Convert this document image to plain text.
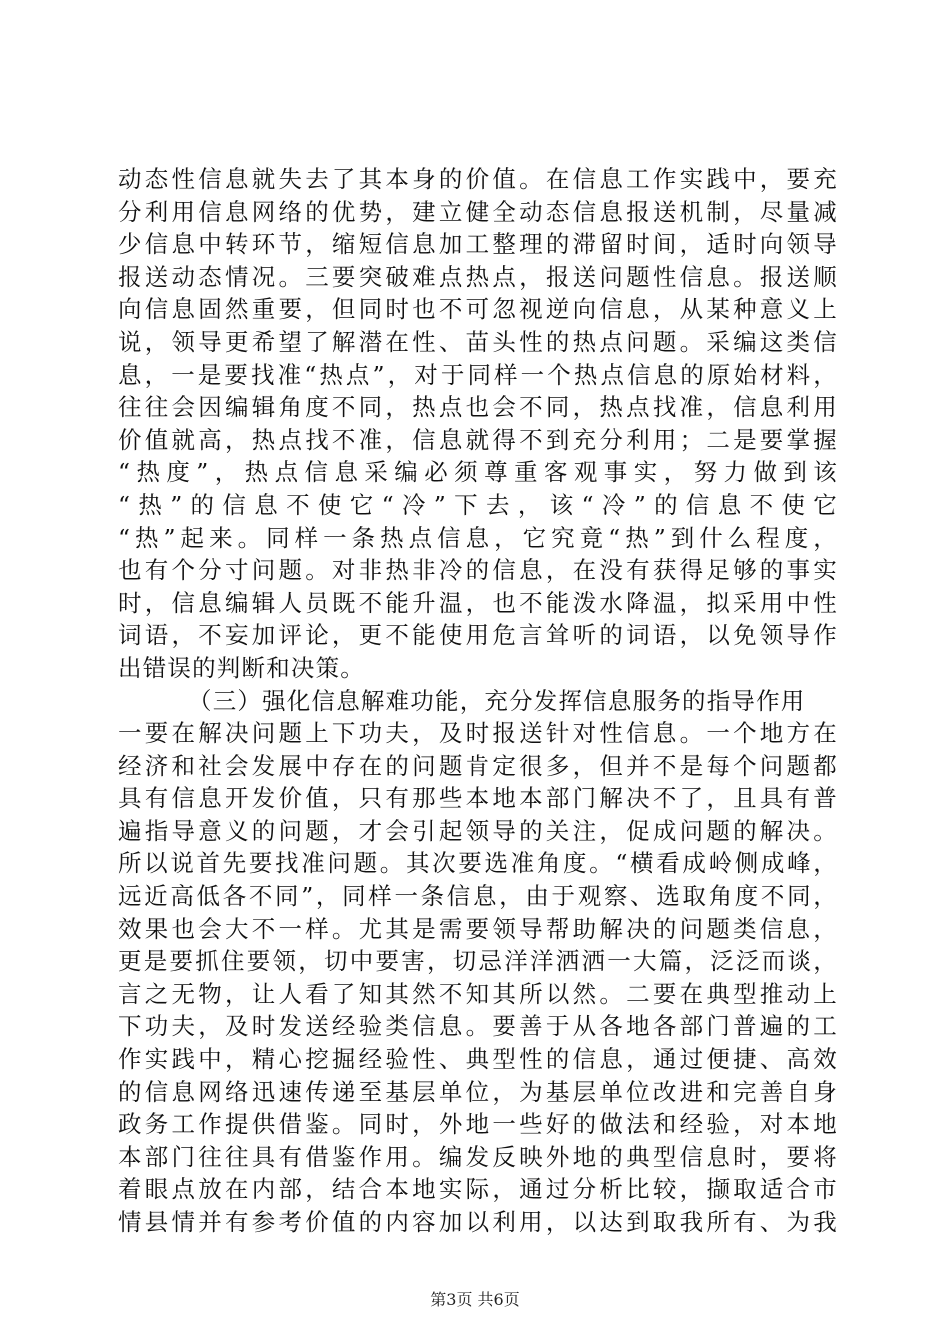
动态性信息就失去了其本身的价值。在信息工作实践中，要充
分利用信息网络的优势，建立健全动态信息报送机制，尽量减
少信息中转环节，缩短信息加工整理的滞留时间，适时向领导
报送动态情况。三要突破难点热点，报送问题性信息。报送顺
向信息固然重要，但同时也不可忽视逆向信息，从某种意义上
说，领导更希望了解潜在性、苗头性的热点问题。采编这类信
息，一是要找准“热点”，对于同样一个热点信息的原始材料，
往往会因编辑角度不同，热点也会不同，热点找准，信息利用
价值就高，热点找不准，信息就得不到充分利用；二是要掌握
“热度”，热点信息采编必须尊重客观事实，努力做到该
“热”的信息不使它“冷”下去，该“冷”的信息不使它
“热”起来。同样一条热点信息，它究竟“热”到什么程度，
也有个分寸问题。对非热非冷的信息，在没有获得足够的事实
时，信息编辑人员既不能升温，也不能泼水降温，拟采用中性
词语，不妄加评论，更不能使用危言耸听的词语，以免领导作
出错误的判断和决策。
（三）强化信息解难功能，充分发挥信息服务的指导作用
一要在解决问题上下功夫，及时报送针对性信息。一个地方在
经济和社会发展中存在的问题肯定很多，但并不是每个问题都
具有信息开发价值，只有那些本地本部门解决不了，且具有普
遍指导意义的问题，才会引起领导的关注，促成问题的解决。
所以说首先要找准问题。其次要选准角度。“横看成岭侧成峰，
远近高低各不同”，同样一条信息，由于观察、选取角度不同，
效果也会大不一样。尤其是需要领导帮助解决的问题类信息，
更是要抓住要领，切中要害，切忌洋洋洒洒一大篇，泛泛而谈，
言之无物，让人看了知其然不知其所以然。二要在典型推动上
下功夫，及时发送经验类信息。要善于从各地各部门普遍的工
作实践中，精心挖掘经验性、典型性的信息，通过便捷、高效
的信息网络迅速传递至基层单位，为基层单位改进和完善自身
政务工作提供借鉴。同时，外地一些好的做法和经验，对本地
本部门往往具有借鉴作用。编发反映外地的典型信息时，要将
着眼点放在内部，结合本地实际，通过分析比较，撷取适合市
情县情并有参考价值的内容加以利用，以达到取我所有、为我
第3页 共6页
